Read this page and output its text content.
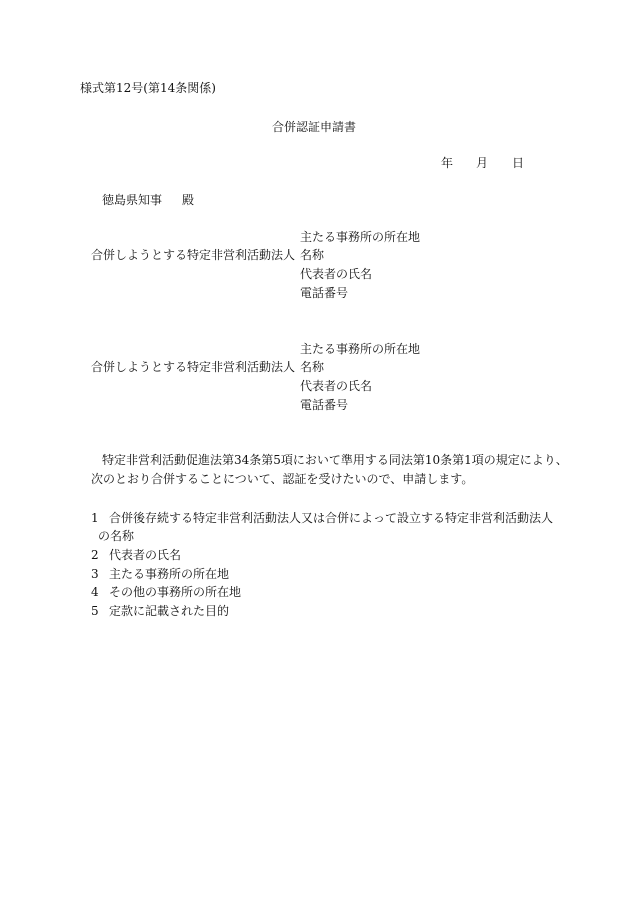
様式第12号(第14条関係)
合併認証申請書
年 月 日
徳島県知事 殿
合併しようとする特定非営利活動法人
主たる事務所の所在地
名称
代表者の氏名
電話番号
合併しようとする特定非営利活動法人
主たる事務所の所在地
名称
代表者の氏名
電話番号
特定非営利活動促進法第34条第5項において準用する同法第10条第1項の規定により、
次のとおり合併することについて、認証を受けたいので、申請します。
1 合併後存続する特定非営利活動法人又は合併によって設立する特定非営利活動法人
の名称
2 代表者の氏名
3 主たる事務所の所在地
4 その他の事務所の所在地
5 定款に記載された目的
